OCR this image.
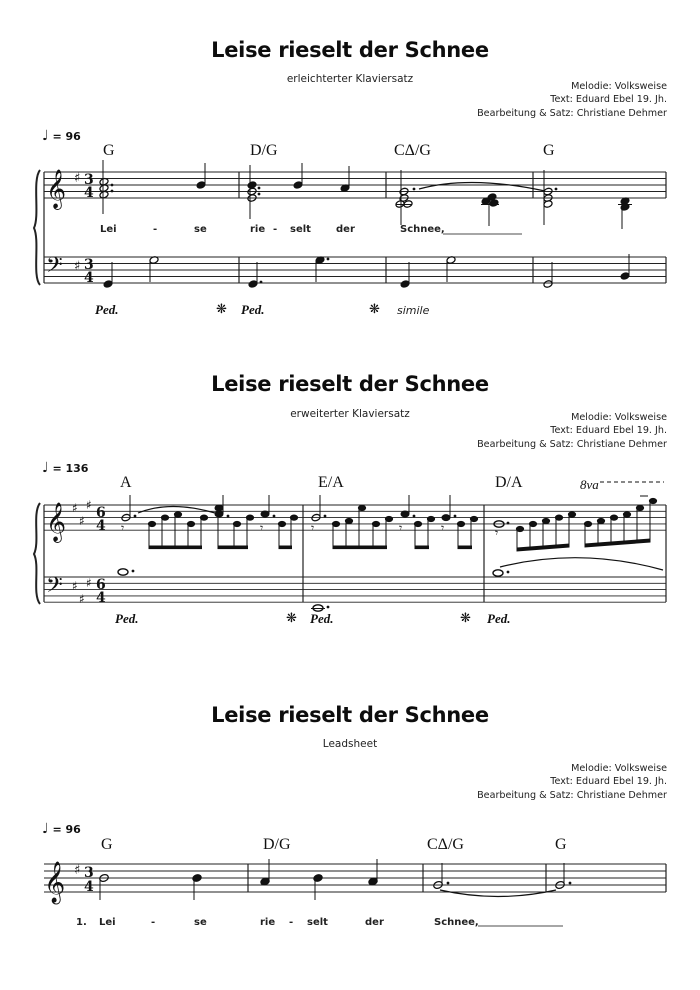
Leise rieselt der Schnee
erleichterter Klaviersatz
Melodie: Volksweise
Text: Eduard Ebel 19. Jh.
Bearbeitung & Satz: Christiane Dehmer
♩ = 96
G	D/G	CΔ/G	G
Lei	-	se	rie - selt	der	Schnee,
Ped.	❋ Ped.	❋ simile
Leise rieselt der Schnee
erweiterter Klaviersatz	Melodie: Volksweise
Text: Eduard Ebel 19. Jh.
Bearbeitung & Satz: Christiane Dehmer
♩ = 136
A	E/A	D/A	8va
Ped.	❋ Ped.	❋ Ped.
Leise rieselt der Schnee
Leadsheet
Melodie: Volksweise
Text: Eduard Ebel 19. Jh.
Bearbeitung & Satz: Christiane Dehmer
♩ = 96
G	D/G	CΔ/G	G
1. Lei	-	se	rie - selt	der	Schnee,
𝄞 ♯ 3
4
𝄢 ♯ 3
4
𝄞 ♯
♯
♯ 6
4
𝄢 ♯
♯
♯ 6
4
𝄞 ♯ 3
4
𝄾	𝄾	𝄾	𝄾	𝄾	𝄾
